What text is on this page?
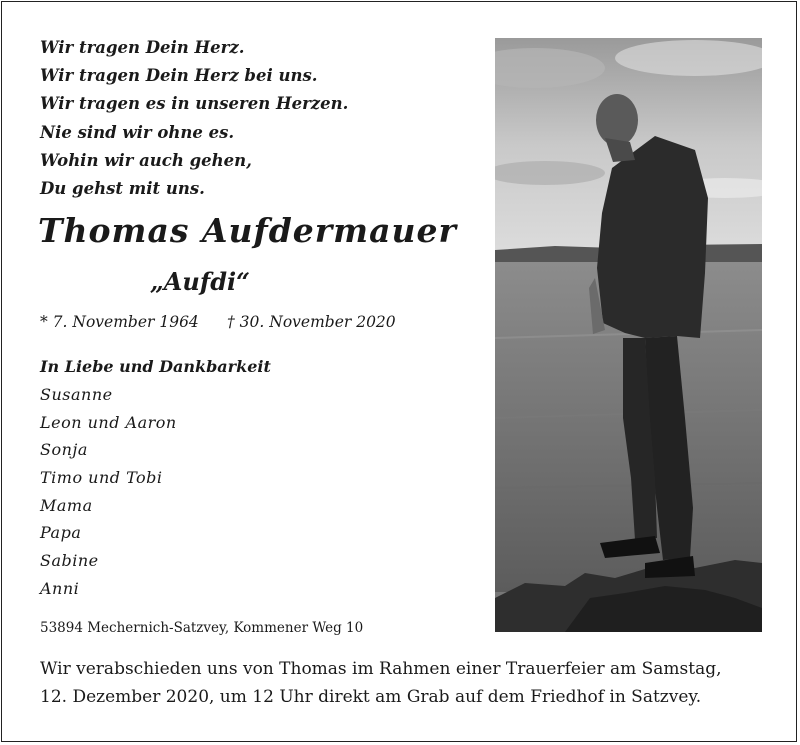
Wir tragen Dein Herz.
Wir tragen Dein Herz bei uns.
Wir tragen es in unseren Herzen.
Nie sind wir ohne es.
Wohin wir auch gehen,
Du gehst mit uns.
Thomas Aufdermauer
„Aufdi“
* 7. November 1964 † 30. November 2020
In Liebe und Dankbarkeit
Susanne
Leon und Aaron
Sonja
Timo und Tobi
Mama
Papa
Sabine
Anni
53894 Mechernich-Satzvey, Kommener Weg 10
Wir verabschieden uns von Thomas im Rahmen einer Trauerfeier am Samstag,
12. Dezember 2020, um 12 Uhr direkt am Grab auf dem Friedhof in Satzvey.
